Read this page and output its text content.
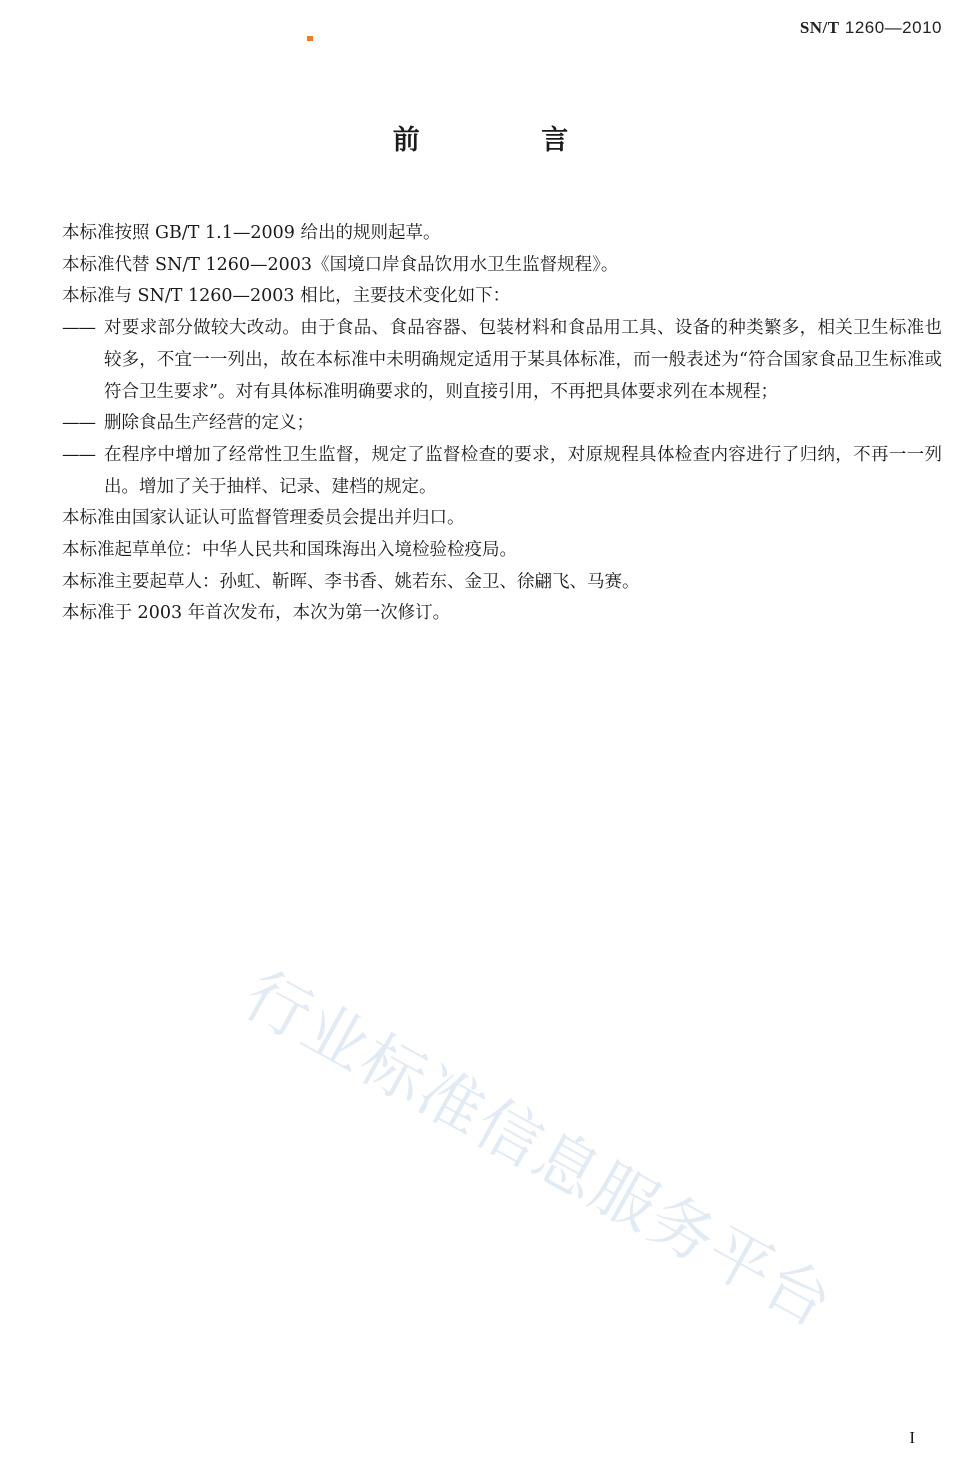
SN/T 1260—2010
前 言

本标准按照 GB/T 1.1—2009 给出的规则起草。

本标准代替 SN/T 1260—2003《国境口岸食品饮用水卫生监督规程》。

本标准与 SN/T 1260—2003 相比，主要技术变化如下：

—— 对要求部分做较大改动。由于食品、食品容器、包装材料和食品用工具、设备的种类繁多，相关卫生标准也较多，不宜一一列出，故在本标准中未明确规定适用于某具体标准，而一般表述为“符合国家食品卫生标准或符合卫生要求”。对有具体标准明确要求的，则直接引用，不再把具体要求列在本规程；
—— 删除食品生产经营的定义；
—— 在程序中增加了经常性卫生监督，规定了监督检查的要求，对原规程具体检查内容进行了归纳，不再一一列出。增加了关于抽样、记录、建档的规定。

本标准由国家认证认可监督管理委员会提出并归口。

本标准起草单位：中华人民共和国珠海出入境检验检疫局。

本标准主要起草人：孙虹、靳晖、李书香、姚若东、金卫、徐翩飞、马赛。

本标准于 2003 年首次发布，本次为第一次修订。

行业标准信息服务平台
I
